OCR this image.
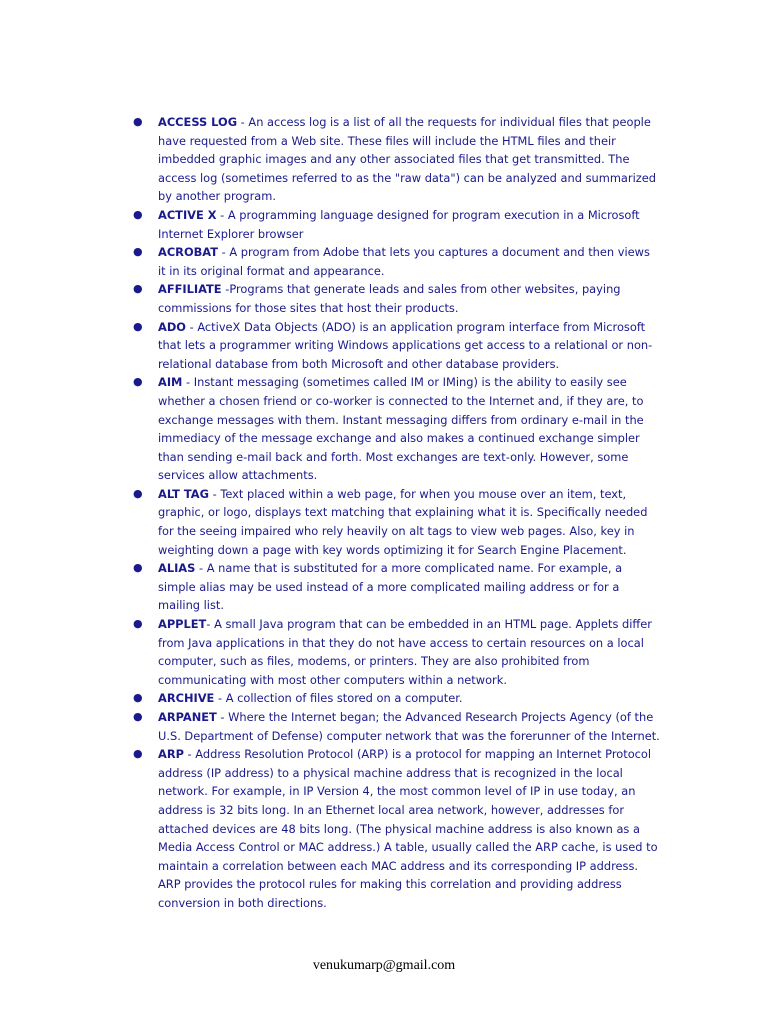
● ACCESS LOG - An access log is a list of all the requests for individual files that people have requested from a Web site. These files will include the HTML files and their imbedded graphic images and any other associated files that get transmitted. The access log (sometimes referred to as the "raw data") can be analyzed and summarized by another program.
● ACTIVE X - A programming language designed for program execution in a Microsoft Internet Explorer browser
● ACROBAT - A program from Adobe that lets you captures a document and then views it in its original format and appearance.
● AFFILIATE -Programs that generate leads and sales from other websites, paying commissions for those sites that host their products.
● ADO - ActiveX Data Objects (ADO) is an application program interface from Microsoft that lets a programmer writing Windows applications get access to a relational or non-relational database from both Microsoft and other database providers.
● AIM - Instant messaging (sometimes called IM or IMing) is the ability to easily see whether a chosen friend or co-worker is connected to the Internet and, if they are, to exchange messages with them. Instant messaging differs from ordinary e-mail in the immediacy of the message exchange and also makes a continued exchange simpler than sending e-mail back and forth. Most exchanges are text-only. However, some services allow attachments.
● ALT TAG - Text placed within a web page, for when you mouse over an item, text, graphic, or logo, displays text matching that explaining what it is. Specifically needed for the seeing impaired who rely heavily on alt tags to view web pages. Also, key in weighting down a page with key words optimizing it for Search Engine Placement.
● ALIAS - A name that is substituted for a more complicated name. For example, a simple alias may be used instead of a more complicated mailing address or for a mailing list.
● APPLET- A small Java program that can be embedded in an HTML page. Applets differ from Java applications in that they do not have access to certain resources on a local computer, such as files, modems, or printers. They are also prohibited from communicating with most other computers within a network.
● ARCHIVE - A collection of files stored on a computer.
● ARPANET - Where the Internet began; the Advanced Research Projects Agency (of the U.S. Department of Defense) computer network that was the forerunner of the Internet.
● ARP - Address Resolution Protocol (ARP) is a protocol for mapping an Internet Protocol address (IP address) to a physical machine address that is recognized in the local network. For example, in IP Version 4, the most common level of IP in use today, an address is 32 bits long. In an Ethernet local area network, however, addresses for attached devices are 48 bits long. (The physical machine address is also known as a Media Access Control or MAC address.) A table, usually called the ARP cache, is used to maintain a correlation between each MAC address and its corresponding IP address. ARP provides the protocol rules for making this correlation and providing address conversion in both directions.
venukumarp@gmail.com
